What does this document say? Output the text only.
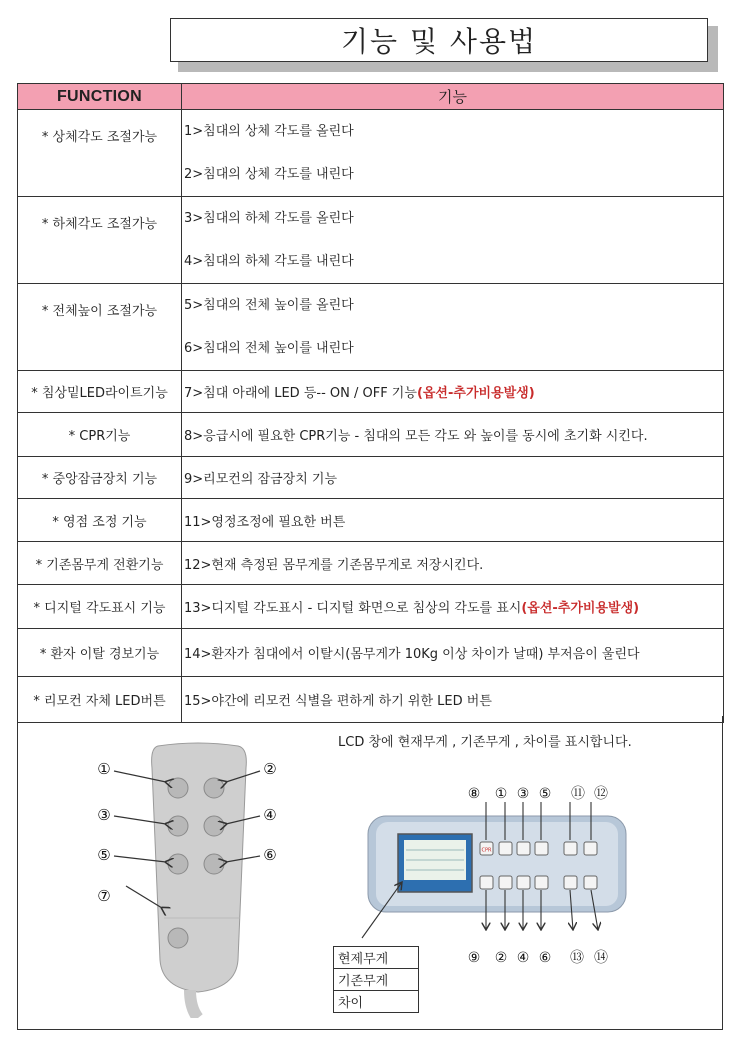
기능 및 사용법
FUNCTION	기능
* 상체각도 조절가능	1>침대의 상체 각도를 올린다
2>침대의 상체 각도를 내린다

* 하체각도 조절가능	3>침대의 하체 각도를 올린다
4>침대의 하체 각도를 내린다

* 전체높이 조절가능	5>침대의 전체 높이를 올린다
6>침대의 전체 높이를 내린다

* 침상밑LED라이트기능	7>침대 아래에 LED 등-- ON / OFF 기능(옵션-추가비용발생)
* CPR기능	8>응급시에 필요한 CPR기능 - 침대의 모든 각도 와 높이를 동시에 초기화 시킨다.
* 중앙잠금장치 기능	9>리모컨의 잠금장치 기능
* 영점 조정 기능	11>영정조정에 필요한 버튼
* 기존몸무게 전환기능	12>현재 측정된 몸무게를 기존몸무게로 저장시킨다.
* 디지털 각도표시 기능	13>디지털 각도표시 - 디지털 화면으로 침상의 각도를 표시(옵션-추가비용발생)
* 환자 이탈 경보기능	14>환자가 침대에서 이탈시(몸무게가 10Kg 이상 차이가 날때) 부저음이 울린다
* 리모컨 자체 LED버튼	15>야간에 리모컨 식별을 편하게 하기 위한 LED 버튼
LCD 창에 현재무게 , 기존무게 , 차이를 표시합니다.
①	②
③	④
⑤	⑥
⑦
CPR
⑧ ① ③ ⑤ ⑪ ⑫
⑨ ② ④ ⑥ ⑬ ⑭
현제무게
기존무게
차이
